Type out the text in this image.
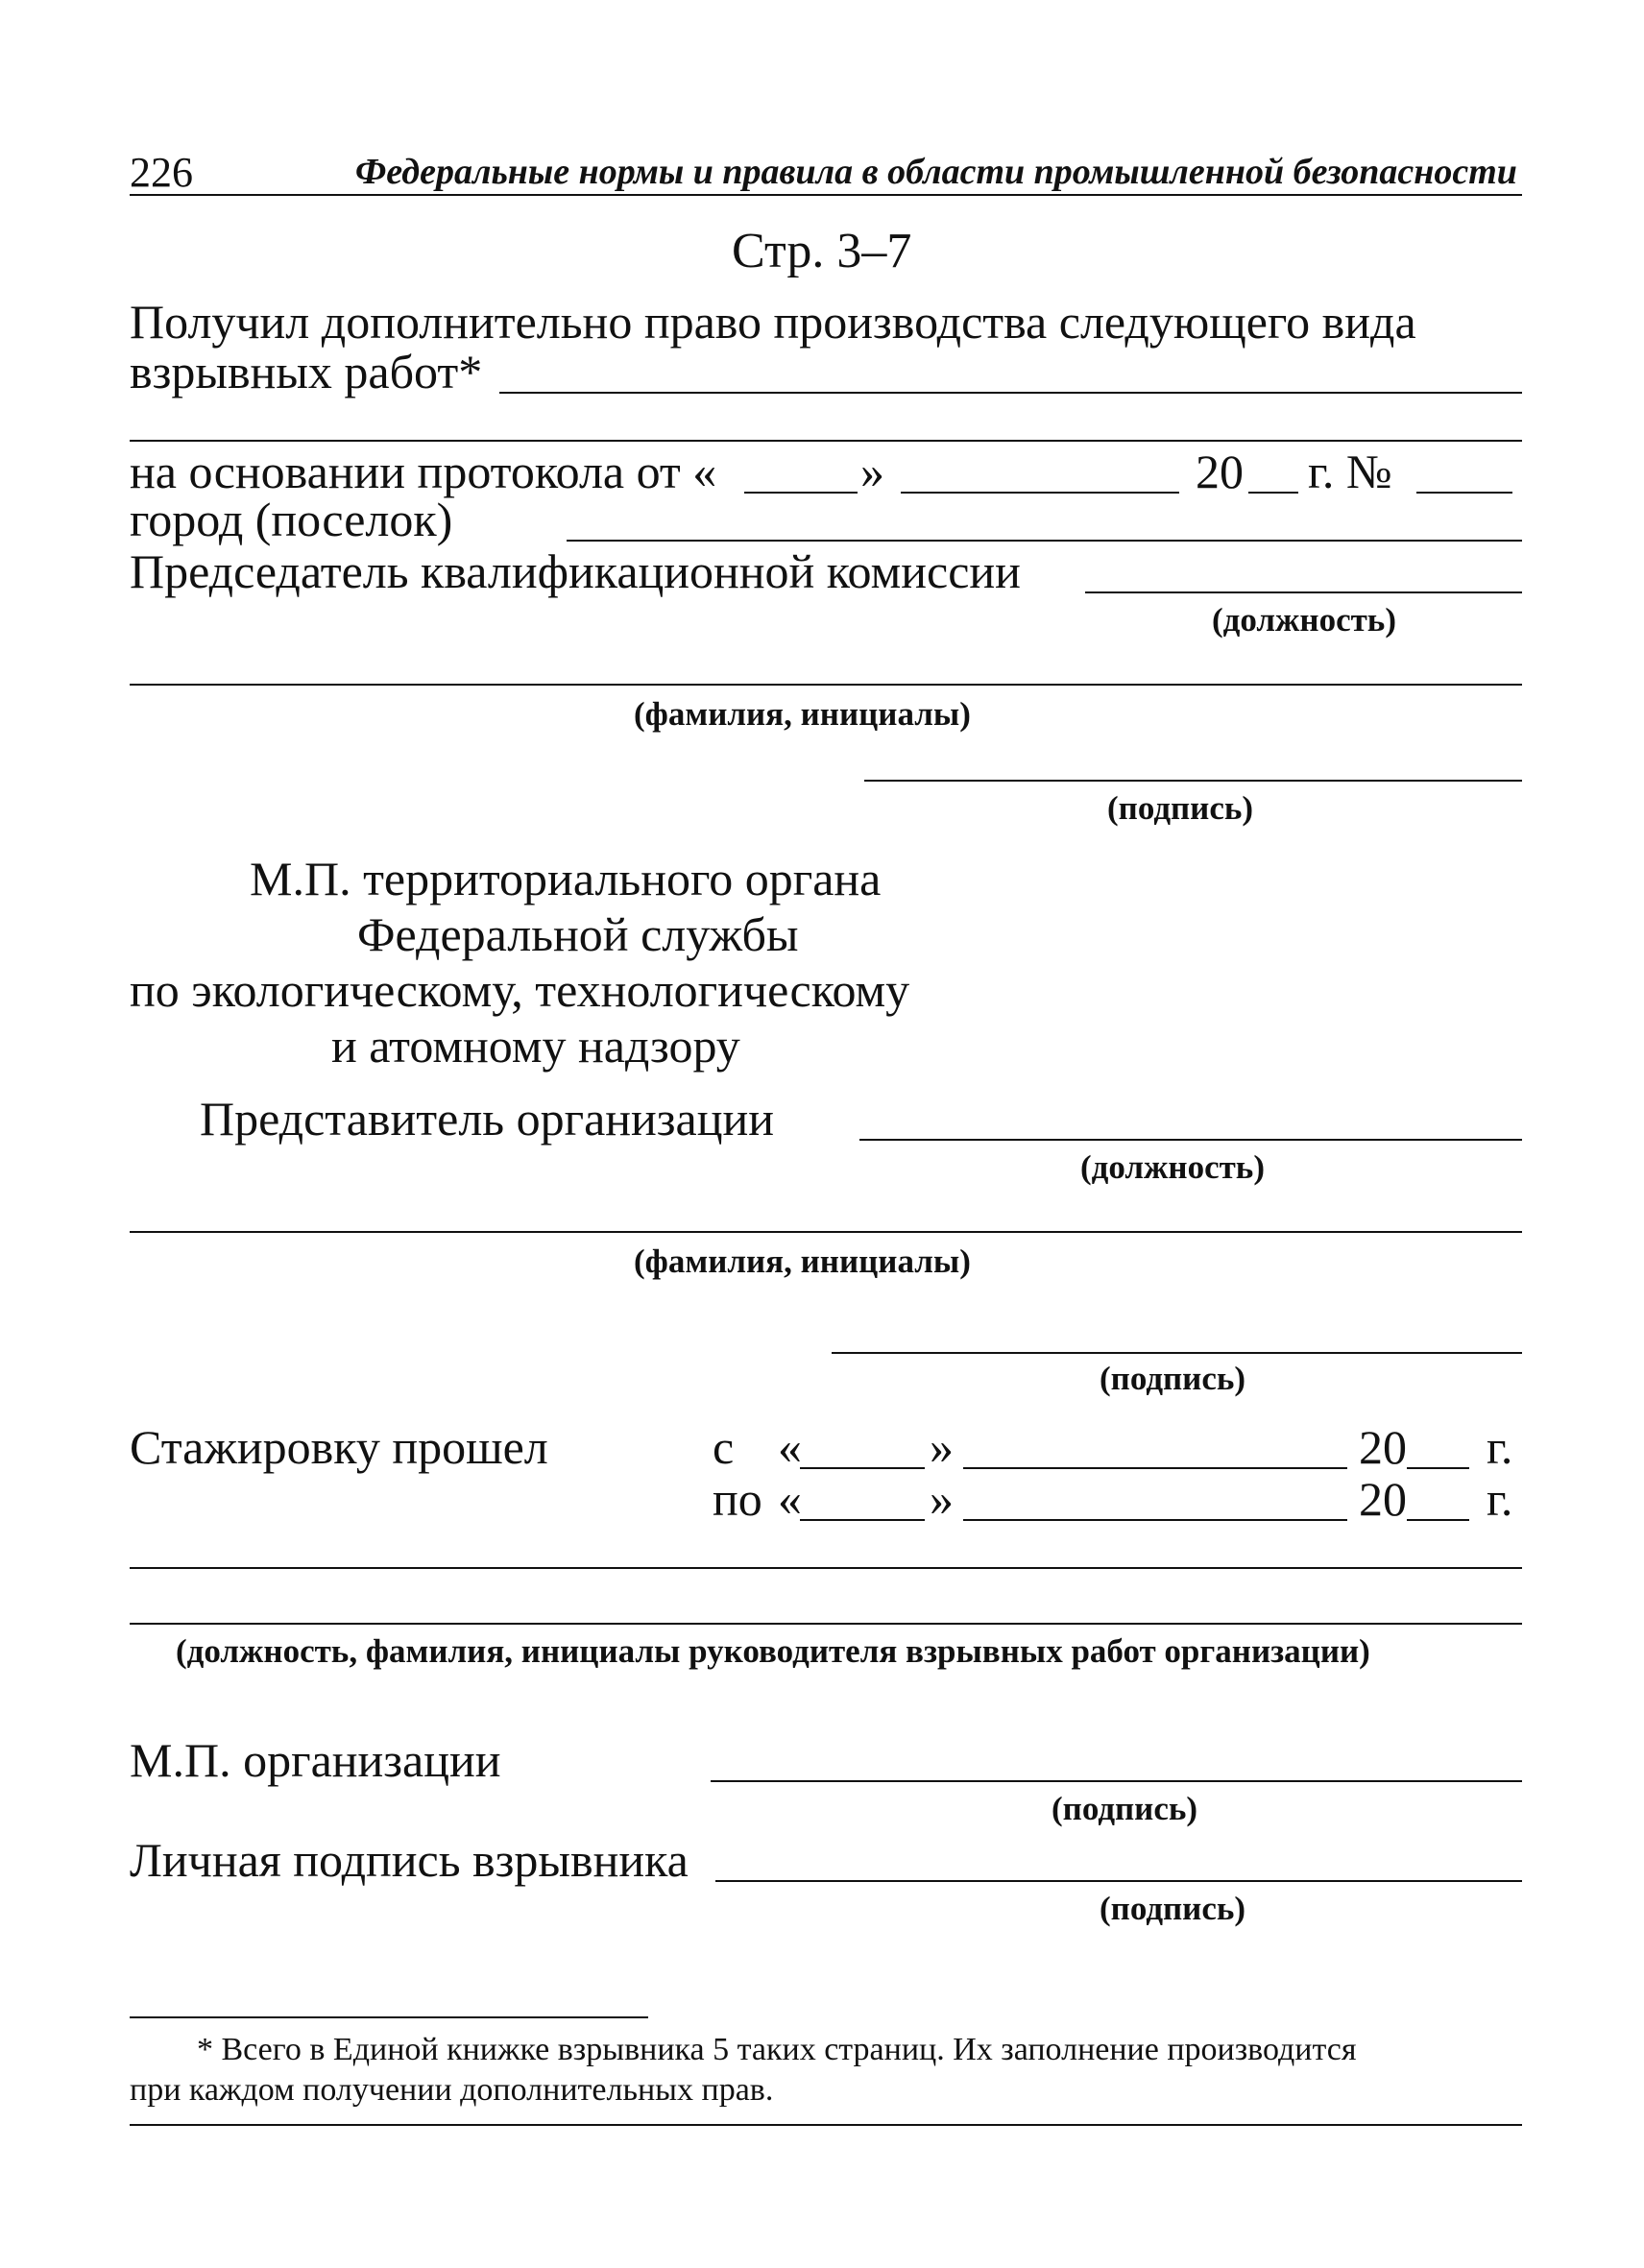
226	Федеральные нормы и правила в области промышленной безопасности
Стр. 3–7
Получил дополнительно право производства следующего вида
взрывных работ*
на основании протокола от «	»	20 г. №
город (поселок)
Председатель квалификационной комиссии
(должность)
(фамилия, инициалы)
(подпись)
М.П. территориального органа
Федеральной службы
по экологическому, технологическому
и атомному надзору
Представитель организации
(должность)
(фамилия, инициалы)
(подпись)
Стажировку прошел	с «	»	20 г.
по «	»	20 г.
(должность, фамилия, инициалы руководителя взрывных работ организации)
М.П. организации
(подпись)
Личная подпись взрывника
(подпись)
* Всего в Единой книжке взрывника 5 таких страниц. Их заполнение производится
при каждом получении дополнительных прав.
